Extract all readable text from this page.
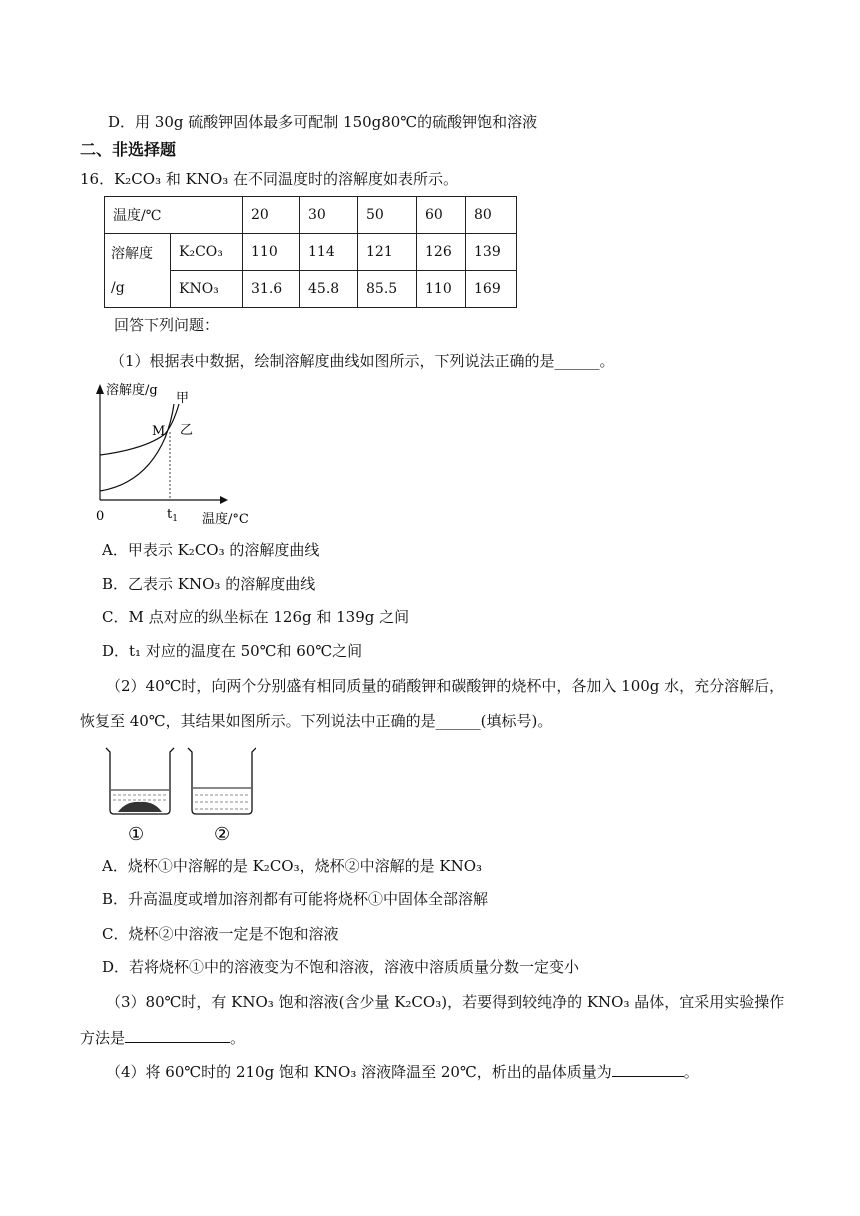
D．用 30g 硫酸钾固体最多可配制 150g80℃的硫酸钾饱和溶液
二、非选择题
16．K₂CO₃ 和 KNO₃ 在不同温度时的溶解度如表所示。
温度/℃		20	30	50	60	80

溶解度
/g	K₂CO₃	110	114	121	126	139
	KNO₃	31.6	45.8	85.5	110	169
回答下列问题：
（1）根据表中数据，绘制溶解度曲线如图所示，下列说法正确的是______。
溶解度/g
甲
乙
M
0	$t_1$ 温度/°C
A．甲表示 K₂CO₃ 的溶解度曲线
B．乙表示 KNO₃ 的溶解度曲线
C．M 点对应的纵坐标在 126g 和 139g 之间
D．t₁ 对应的温度在 50℃和 60℃之间
（2）40℃时，向两个分别盛有相同质量的硝酸钾和碳酸钾的烧杯中，各加入 100g 水，充分溶解后，
恢复至 40℃，其结果如图所示。下列说法中正确的是______(填标号)。
①	②
A．烧杯①中溶解的是 K₂CO₃，烧杯②中溶解的是 KNO₃
B．升高温度或增加溶剂都有可能将烧杯①中固体全部溶解
C．烧杯②中溶液一定是不饱和溶液
D．若将烧杯①中的溶液变为不饱和溶液，溶液中溶质质量分数一定变小
（3）80℃时，有 KNO₃ 饱和溶液(含少量 K₂CO₃)，若要得到较纯净的 KNO₃ 晶体，宜采用实验操作
方法是	。
（4）将 60℃时的 210g 饱和 KNO₃ 溶液降温至 20℃，析出的晶体质量为	。
